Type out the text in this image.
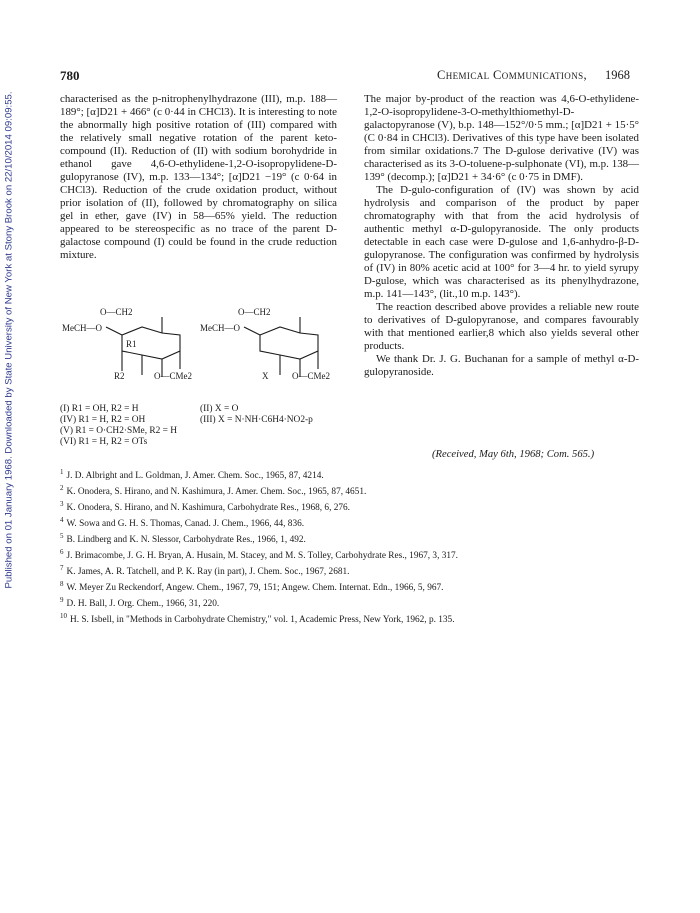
Published on 01 January 1968. Downloaded by State University of New York at Stony Brook on 22/10/2014 09:09:55.
780	Chemical Communications, 1968

characterised as the p-nitrophenylhydrazone (III), m.p. 188—189°; [α]D21 + 466° (c 0·44 in CHCl3). It is interesting to note the abnormally high positive rotation of (III) compared with the relatively small negative rotation of the parent keto-compound (II). Reduction of (II) with sodium borohydride in ethanol gave 4,6-O-ethylidene-1,2-O-isopropylidene-D-gulopyranose (IV), m.p. 133—134°; [α]D21 −19° (c 0·64 in CHCl3). Reduction of the crude oxidation product, without prior isolation of (II), followed by chromatography on silica gel in ether, gave (IV) in 58—65% yield. The reduction appeared to be stereospecific as no trace of the parent D-galactose compound (I) could be found in the crude reduction mixture.

O—CH2
MeCH—O
R1
R2	O—CMe2
O—CH2
MeCH—O
X	O—CMe2
(I) R1 = OH, R2 = H	(II) X = O
(IV) R1 = H, R2 = OH	(III) X = N·NH·C6H4·NO2-p
(V) R1 = O·CH2·SMe, R2 = H
(VI) R1 = H, R2 = OTs

The major by-product of the reaction was 4,6-O-ethylidene-1,2-O-isopropylidene-3-O-methylthiomethyl-D-galactopyranose (V), b.p. 148—152°/0·5 mm.; [α]D21 + 15·5° (C 0·84 in CHCl3). Derivatives of this type have been isolated from similar oxidations.7 The D-gulose derivative (IV) was characterised as its 3-O-toluene-p-sulphonate (VI), m.p. 138—139° (decomp.); [α]D21 + 34·6° (c 0·75 in DMF).

The D-gulo-configuration of (IV) was shown by acid hydrolysis and comparison of the product by paper chromatography with that from the acid hydrolysis of authentic methyl α-D-gulopyranoside. The only products detectable in each case were D-gulose and 1,6-anhydro-β-D-gulopyranose. The configuration was confirmed by hydrolysis of (IV) in 80% acetic acid at 100° for 3—4 hr. to yield syrupy D-gulose, which was characterised as its phenylhydrazone, m.p. 141—143°, (lit.,10 m.p. 143°).

The reaction described above provides a reliable new route to derivatives of D-gulopyranose, and compares favourably with that mentioned earlier,8 which also yields several other products.

We thank Dr. J. G. Buchanan for a sample of methyl α-D-gulopyranoside.

(Received, May 6th, 1968; Com. 565.)
$^1$ J. D. Albright and L. Goldman, J. Amer. Chem. Soc., 1965, 87, 4214.
$^2$ K. Onodera, S. Hirano, and N. Kashimura, J. Amer. Chem. Soc., 1965, 87, 4651.
$^3$ K. Onodera, S. Hirano, and N. Kashimura, Carbohydrate Res., 1968, 6, 276.
$^4$ W. Sowa and G. H. S. Thomas, Canad. J. Chem., 1966, 44, 836.
$^5$ B. Lindberg and K. N. Slessor, Carbohydrate Res., 1966, 1, 492.
$^6$ J. Brimacombe, J. G. H. Bryan, A. Husain, M. Stacey, and M. S. Tolley, Carbohydrate Res., 1967, 3, 317.
$^7$ K. James, A. R. Tatchell, and P. K. Ray (in part), J. Chem. Soc., 1967, 2681.
$^8$ W. Meyer Zu Reckendorf, Angew. Chem., 1967, 79, 151; Angew. Chem. Internat. Edn., 1966, 5, 967.
$^9$ D. H. Ball, J. Org. Chem., 1966, 31, 220.
$^{10}$ H. S. Isbell, in "Methods in Carbohydrate Chemistry," vol. 1, Academic Press, New York, 1962, p. 135.
